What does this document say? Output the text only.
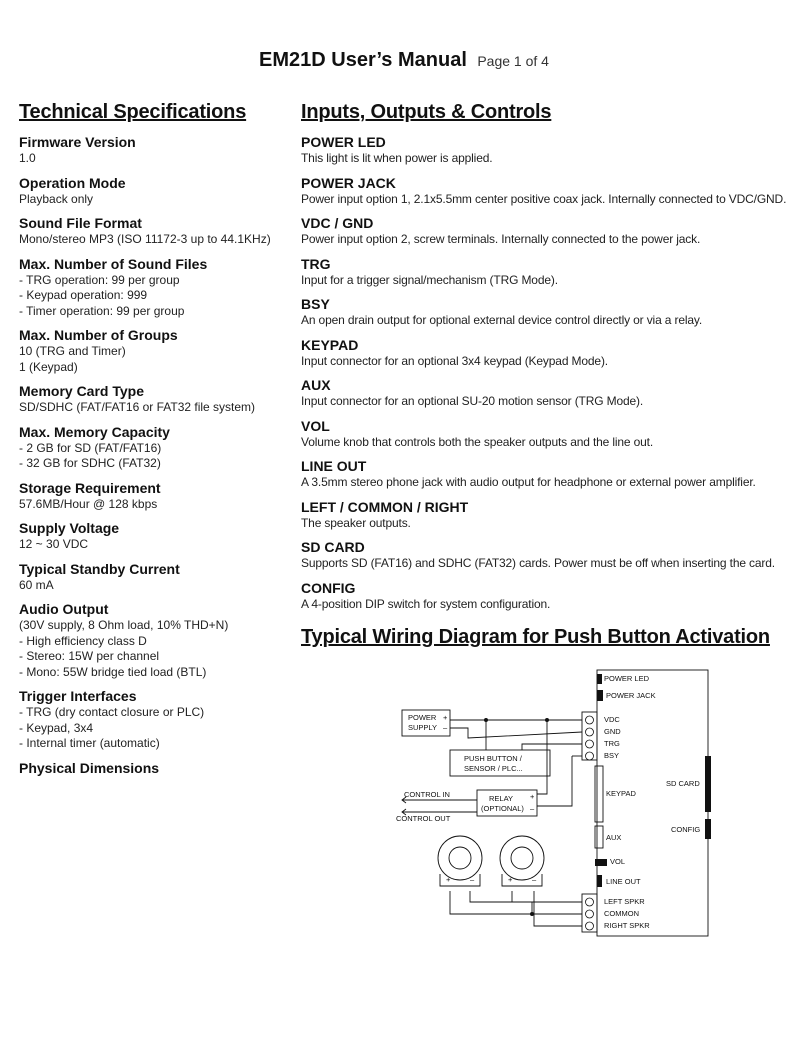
EM21D User’s Manual Page 1 of 4
Technical Specifications
Firmware Version
1.0
Operation Mode
Playback only
Sound File Format
Mono/stereo MP3 (ISO 11172-3 up to 44.1KHz)
Max. Number of Sound Files
- TRG operation: 99 per group
- Keypad operation: 999
- Timer operation: 99 per group
Max. Number of Groups
10 (TRG and Timer)
1 (Keypad)
Memory Card Type
SD/SDHC (FAT/FAT16 or FAT32 file system)
Max. Memory Capacity
- 2 GB for SD (FAT/FAT16)
- 32 GB for SDHC (FAT32)
Storage Requirement
57.6MB/Hour @ 128 kbps
Supply Voltage
12 ~ 30 VDC
Typical Standby Current
60 mA
Audio Output
(30V supply, 8 Ohm load, 10% THD+N)
- High efficiency class D
- Stereo: 15W per channel
- Mono: 55W bridge tied load (BTL)
Trigger Interfaces
- TRG (dry contact closure or PLC)
- Keypad, 3x4
- Internal timer (automatic)
Physical Dimensions
Inputs, Outputs & Controls
POWER LED
This light is lit when power is applied.
POWER JACK
Power input option 1, 2.1x5.5mm center positive coax jack. Internally connected to VDC/GND.
VDC / GND
Power input option 2, screw terminals. Internally connected to the power jack.
TRG
Input for a trigger signal/mechanism (TRG Mode).
BSY
An open drain output for optional external device control directly or via a relay.
KEYPAD
Input connector for an optional 3x4 keypad (Keypad Mode).
AUX
Input connector for an optional SU-20 motion sensor (TRG Mode).
VOL
Volume knob that controls both the speaker outputs and the line out.
LINE OUT
A 3.5mm stereo phone jack with audio output for headphone or external power amplifier.
LEFT / COMMON / RIGHT
The speaker outputs.
SD CARD
Supports SD (FAT16) and SDHC (FAT32) cards. Power must be off when inserting the card.
CONFIG
A 4-position DIP switch for system configuration.
Typical Wiring Diagram for Push Button Activation
POWER LED
POWER JACK
VDC
GND
TRG
BSY
KEYPAD
AUX
VOL
LINE OUT
LEFT SPKR
COMMON
RIGHT SPKR
SD CARD
CONFIG
POWER
SUPPLY
+
–
PUSH BUTTON /
SENSOR / PLC...
RELAY
(OPTIONAL)
+
–
CONTROL IN
CONTROL OUT
+	–	+	–
